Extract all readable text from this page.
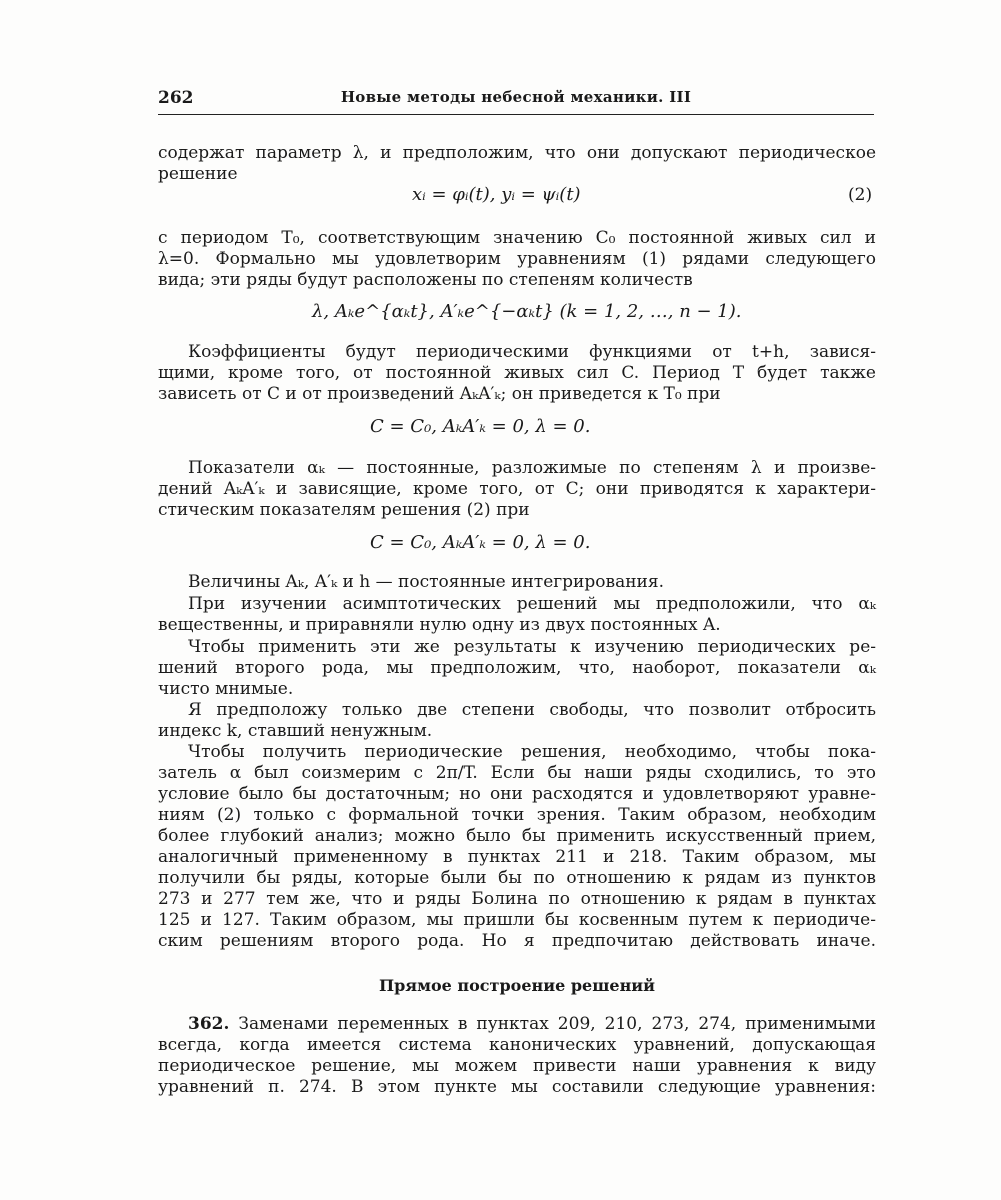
262	Новые методы небесной механики. III
содержат параметр λ, и предположим, что они допускают периодическое
решение
xᵢ = φᵢ(t), yᵢ = ψᵢ(t)	(2)
с периодом T₀, соответствующим значению C₀ постоянной живых сил и
λ=0. Формально мы удовлетворим уравнениям (1) рядами следующего
вида; эти ряды будут расположены по степеням количеств
λ, Aₖe^{αₖt}, A′ₖe^{−αₖt} (k = 1, 2, …, n − 1).
Коэффициенты будут периодическими функциями от t+h, завися-
щими, кроме того, от постоянной живых сил C. Период T будет также
зависеть от C и от произведений AₖA′ₖ; он приведется к T₀ при
C = C₀, AₖA′ₖ = 0, λ = 0.
Показатели αₖ — постоянные, разложимые по степеням λ и произве-
дений AₖA′ₖ и зависящие, кроме того, от C; они приводятся к характери-
стическим показателям решения (2) при
C = C₀, AₖA′ₖ = 0, λ = 0.
Величины Aₖ, A′ₖ и h — постоянные интегрирования.
При изучении асимптотических решений мы предположили, что αₖ
вещественны, и приравняли нулю одну из двух постоянных A.
Чтобы применить эти же результаты к изучению периодических ре-
шений второго рода, мы предположим, что, наоборот, показатели αₖ
чисто мнимые.
Я предположу только две степени свободы, что позволит отбросить
индекс k, ставший ненужным.
Чтобы получить периодические решения, необходимо, чтобы пока-
затель α был соизмерим с 2π/T. Если бы наши ряды сходились, то это
условие было бы достаточным; но они расходятся и удовлетворяют уравне-
ниям (2) только с формальной точки зрения. Таким образом, необходим
более глубокий анализ; можно было бы применить искусственный прием,
аналогичный примененному в пунктах 211 и 218. Таким образом, мы
получили бы ряды, которые были бы по отношению к рядам из пунктов
273 и 277 тем же, что и ряды Болина по отношению к рядам в пунктах
125 и 127. Таким образом, мы пришли бы косвенным путем к периодиче-
ским решениям второго рода. Но я предпочитаю действовать иначе.
Прямое построение решений
362. Заменами переменных в пунктах 209, 210, 273, 274, применимыми
всегда, когда имеется система канонических уравнений, допускающая
периодическое решение, мы можем привести наши уравнения к виду
уравнений п. 274. В этом пункте мы составили следующие уравнения:
